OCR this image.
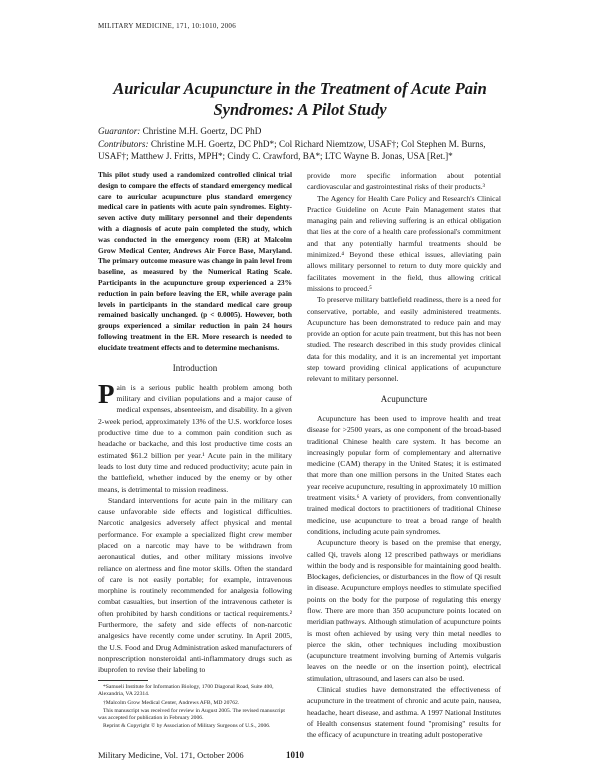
MILITARY MEDICINE, 171, 10:1010, 2006
Auricular Acupuncture in the Treatment of Acute Pain Syndromes: A Pilot Study
Guarantor: Christine M.H. Goertz, DC PhD
Contributors: Christine M.H. Goertz, DC PhD*; Col Richard Niemtzow, USAF†; Col Stephen M. Burns, USAF†; Matthew J. Fritts, MPH*; Cindy C. Crawford, BA*; LTC Wayne B. Jonas, USA [Ret.]*

This pilot study used a randomized controlled clinical trial design to compare the effects of standard emergency medical care to auricular acupuncture plus standard emergency medical care in patients with acute pain syndromes. Eighty-seven active duty military personnel and their dependents with a diagnosis of acute pain completed the study, which was conducted in the emergency room (ER) at Malcolm Grow Medical Center, Andrews Air Force Base, Maryland. The primary outcome measure was change in pain level from baseline, as measured by the Numerical Rating Scale. Participants in the acupuncture group experienced a 23% reduction in pain before leaving the ER, while average pain levels in participants in the standard medical care group remained basically unchanged. (p < 0.0005). However, both groups experienced a similar reduction in pain 24 hours following treatment in the ER. More research is needed to elucidate treatment effects and to determine mechanisms.

Introduction

Pain is a serious public health problem among both military and civilian populations and a major cause of medical expenses, absenteeism, and disability. In a given 2-week period, approximately 13% of the U.S. workforce loses productive time due to a common pain condition such as headache or backache, and this lost productive time costs an estimated $61.2 billion per year.¹ Acute pain in the military leads to lost duty time and reduced productivity; acute pain in the battlefield, whether induced by the enemy or by other means, is detrimental to mission readiness.

Standard interventions for acute pain in the military can cause unfavorable side effects and logistical difficulties. Narcotic analgesics adversely affect physical and mental performance. For example a specialized flight crew member placed on a narcotic may have to be withdrawn from aeronautical duties, and other military missions involve reliance on alertness and fine motor skills. Often the standard of care is not easily portable; for example, intravenous morphine is routinely recommended for analgesia following combat casualties, but insertion of the intravenous catheter is often prohibited by harsh conditions or tactical requirements.² Furthermore, the safety and side effects of non-narcotic analgesics have recently come under scrutiny. In April 2005, the U.S. Food and Drug Administration asked manufacturers of nonprescription nonsteroidal anti-inflammatory drugs such as ibuprofen to revise their labeling to

provide more specific information about potential cardiovascular and gastrointestinal risks of their products.³

The Agency for Health Care Policy and Research's Clinical Practice Guideline on Acute Pain Management states that managing pain and relieving suffering is an ethical obligation that lies at the core of a health care professional's commitment and that any potentially harmful treatments should be minimized.⁴ Beyond these ethical issues, alleviating pain allows military personnel to return to duty more quickly and facilitates movement in the field, thus allowing critical missions to proceed.⁵

To preserve military battlefield readiness, there is a need for conservative, portable, and easily administered treatments. Acupuncture has been demonstrated to reduce pain and may provide an option for acute pain treatment, but this has not been studied. The research described in this study provides clinical data for this modality, and it is an incremental yet important step toward providing clinical applications of acupuncture relevant to military personnel.

Acupuncture

Acupuncture has been used to improve health and treat disease for >2500 years, as one component of the broad-based traditional Chinese health care system. It has become an increasingly popular form of complementary and alternative medicine (CAM) therapy in the United States; it is estimated that more than one million persons in the United States each year receive acupuncture, resulting in approximately 10 million treatment visits.⁶ A variety of providers, from conventionally trained medical doctors to practitioners of traditional Chinese medicine, use acupuncture to treat a broad range of health conditions, including acute pain syndromes.

Acupuncture theory is based on the premise that energy, called Qi, travels along 12 prescribed pathways or meridians within the body and is responsible for maintaining good health. Blockages, deficiencies, or disturbances in the flow of Qi result in disease. Acupuncture employs needles to stimulate specified points on the body for the purpose of regulating this energy flow. There are more than 350 acupuncture points located on meridian pathways. Although stimulation of acupuncture points is most often achieved by using very thin metal needles to pierce the skin, other techniques including moxibustion (acupuncture treatment involving burning of Artemis vulgaris leaves on the needle or on the insertion point), electrical stimulation, ultrasound, and lasers can also be used.

Clinical studies have demonstrated the effectiveness of acupuncture in the treatment of chronic and acute pain, nausea, headache, heart disease, and asthma. A 1997 National Institutes of Health consensus statement found "promising" results for the efficacy of acupuncture in treating adult postoperative

*Samueli Institute for Information Biology, 1700 Diagonal Road, Suite 400, Alexandria, VA 22314.

†Malcolm Grow Medical Center, Andrews AFB, MD 20762.

This manuscript was received for review in August 2005. The revised manuscript was accepted for publication in February 2006.

Reprint & Copyright © by Association of Military Surgeons of U.S., 2006.

Military Medicine, Vol. 171, October 2006	1010
